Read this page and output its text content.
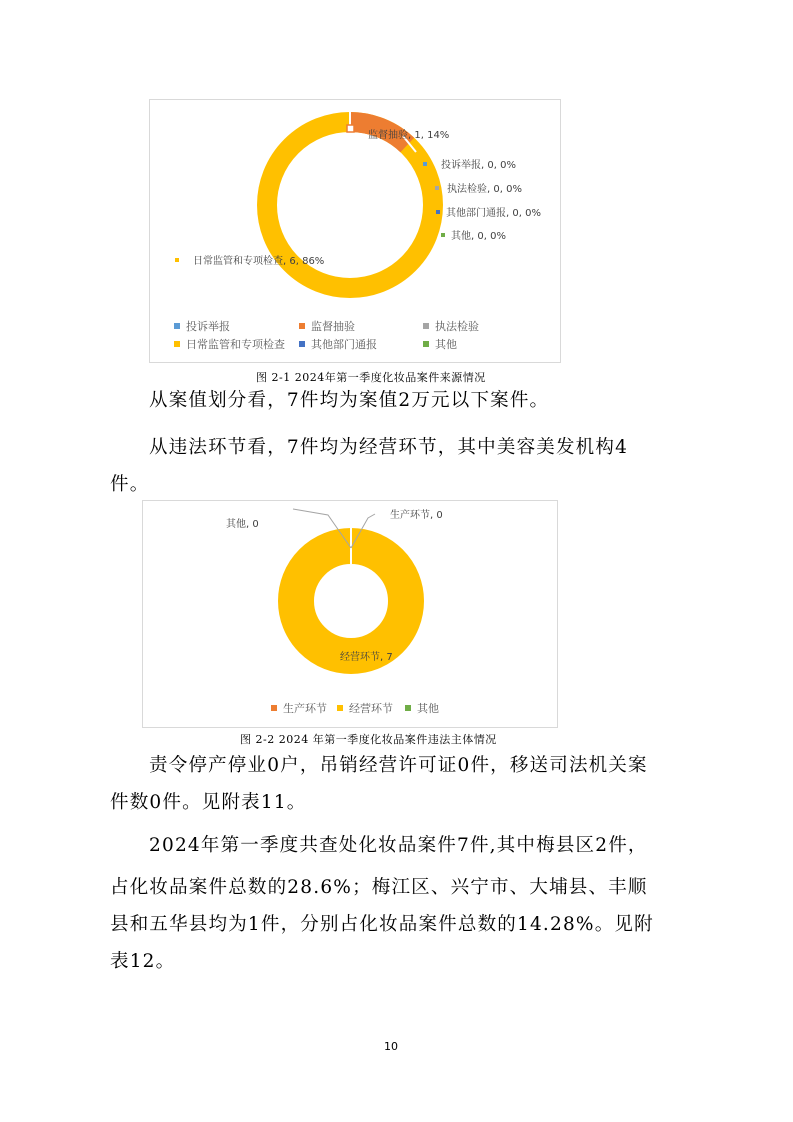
监督抽验, 1, 14%
投诉举报, 0, 0%
执法检验, 0, 0%
其他部门通报, 0, 0%
其他, 0, 0%
日常监管和专项检查, 6, 86%
投诉举报	监督抽验	执法检验
日常监管和专项检查	其他部门通报	其他
图 2-1 2024年第一季度化妆品案件来源情况
从案值划分看，7件均为案值2万元以下案件。
从违法环节看，7件均为经营环节，其中美容美发机构4
件。
其他, 0
生产环节, 0
经营环节, 7
生产环节	经营环节	其他
图 2-2 2024 年第一季度化妆品案件违法主体情况
责令停产停业0户，吊销经营许可证0件，移送司法机关案
件数0件。见附表11。
2024年第一季度共查处化妆品案件7件,其中梅县区2件，
占化妆品案件总数的28.6%；梅江区、兴宁市、大埔县、丰顺
县和五华县均为1件，分别占化妆品案件总数的14.28%。见附
表12。
10
